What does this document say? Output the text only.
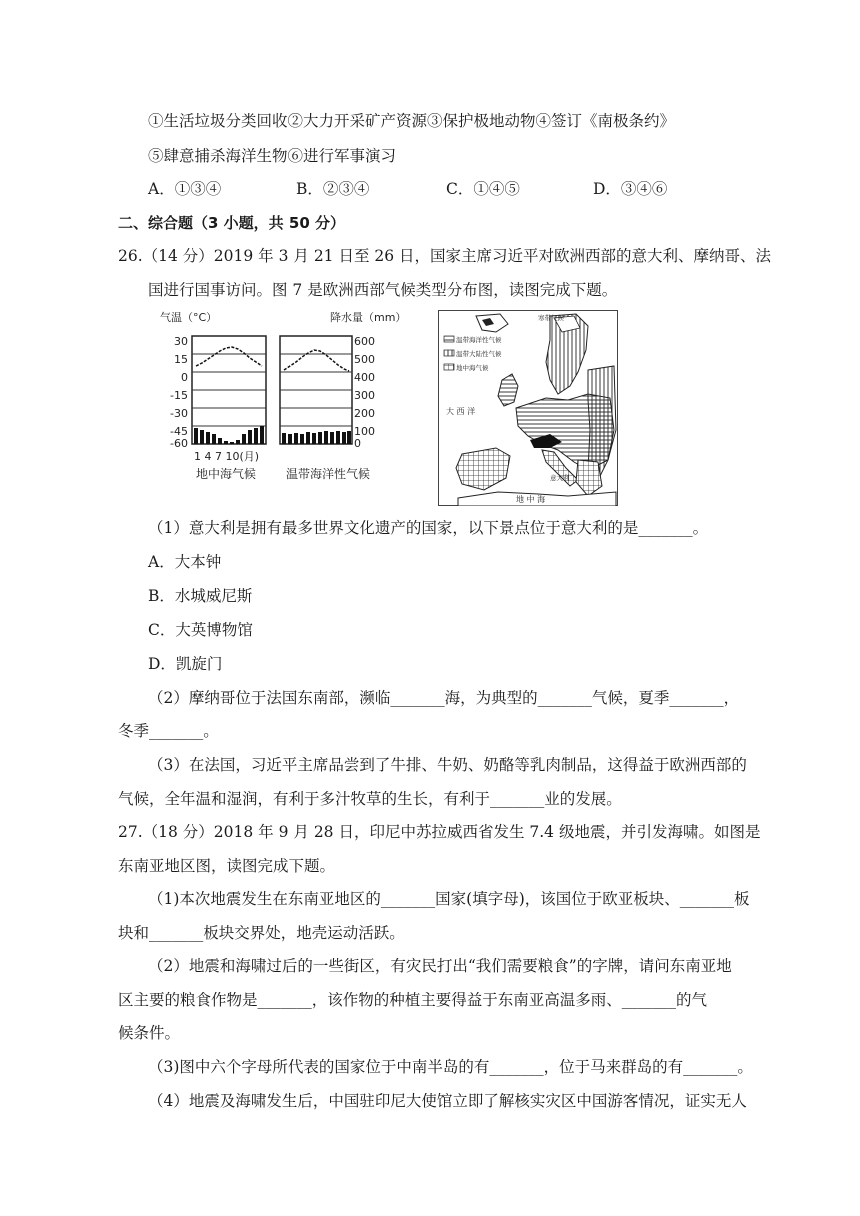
①生活垃圾分类回收②大力开采矿产资源③保护极地动物④签订《南极条约》
⑤肆意捕杀海洋生物⑥进行军事演习
A．①③④	B．②③④	C．①④⑤	D．③④⑥
二、综合题（3 小题，共 50 分）
26.（14 分）2019 年 3 月 21 日至 26 日，国家主席习近平对欧洲西部的意大利、摩纳哥、法
国进行国事访问。图 7 是欧洲西部气候类型分布图，读图完成下题。
气温（°C）	降水量（mm）
30
15
0
-15
-30
-45
-60
600
500
400
300
200
100
0
1 4 7 10(月)
地中海气候 温带海洋性气候
温带海洋性气候
温带大陆性气候
地中海气候
寒带气候
意大利
大 西 洋
地 中 海
（1）意大利是拥有最多世界文化遗产的国家，以下景点位于意大利的是_______。
A．大本钟
B．水城威尼斯
C．大英博物馆
D．凯旋门
（2）摩纳哥位于法国东南部，濒临_______海，为典型的_______气候，夏季_______，
冬季_______。
（3）在法国，习近平主席品尝到了牛排、牛奶、奶酪等乳肉制品，这得益于欧洲西部的
气候，全年温和湿润，有利于多汁牧草的生长，有利于_______业的发展。
27.（18 分）2018 年 9 月 28 日，印尼中苏拉威西省发生 7.4 级地震，并引发海啸。如图是
东南亚地区图，读图完成下题。
（1)本次地震发生在东南亚地区的_______国家(填字母)，该国位于欧亚板块、_______板
块和_______板块交界处，地壳运动活跃。
（2）地震和海啸过后的一些街区，有灾民打出“我们需要粮食”的字牌，请问东南亚地
区主要的粮食作物是_______，该作物的种植主要得益于东南亚高温多雨、_______的气
候条件。
（3)图中六个字母所代表的国家位于中南半岛的有_______，位于马来群岛的有_______。
（4）地震及海啸发生后，中国驻印尼大使馆立即了解核实灾区中国游客情况，证实无人
